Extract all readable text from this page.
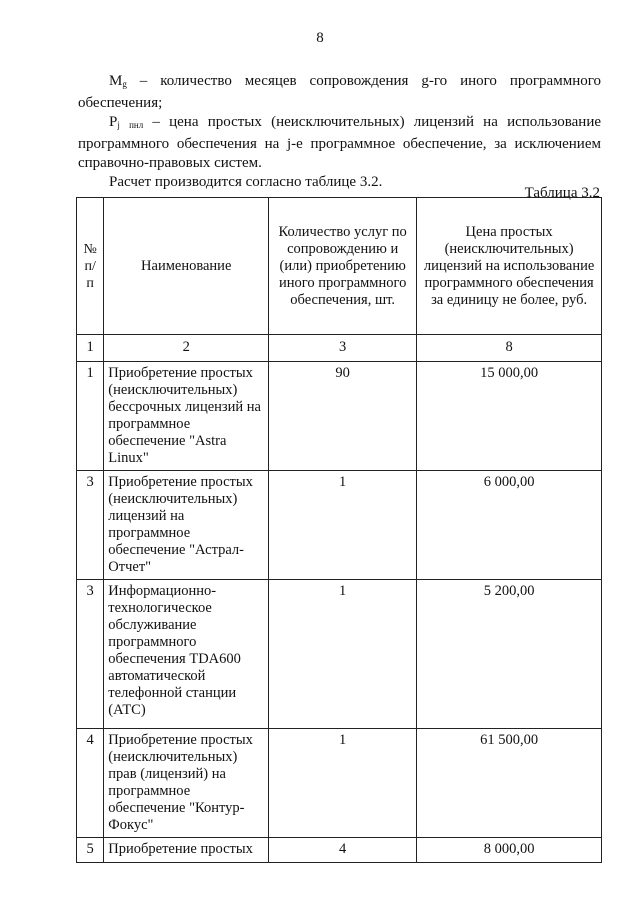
8

$M_g$ – количество месяцев сопровождения g-го иного программного обеспечения;

$P_j$ $_{пнл}$ – цена простых (неисключительных) лицензий на использование программного обеспечения на j-е программное обеспечение, за исключением справочно-правовых систем.

Расчет производится согласно таблице 3.2.

Таблица 3.2
№ п/п	Наименование	Количество услуг по сопровождению и (или) приобретению иного программного обеспечения, шт.	Цена простых (неисключительных) лицензий на использование программного обеспечения за единицу не более, руб.
1	2	3	8
1	Приобретение простых (неисключительных) бессрочных лицензий на программное обеспечение "Astra Linux"	90	15 000,00
3	Приобретение простых (неисключительных) лицензий на программное обеспечение "Астрал-Отчет"	1	6 000,00
3	Информационно-технологическое обслуживание программного обеспечения TDA600 автоматической телефонной станции (АТС)	1	5 200,00
4	Приобретение простых (неисключительных) прав (лицензий) на программное обеспечение "Контур-Фокус"	1	61 500,00
5	Приобретение простых	4	8 000,00
